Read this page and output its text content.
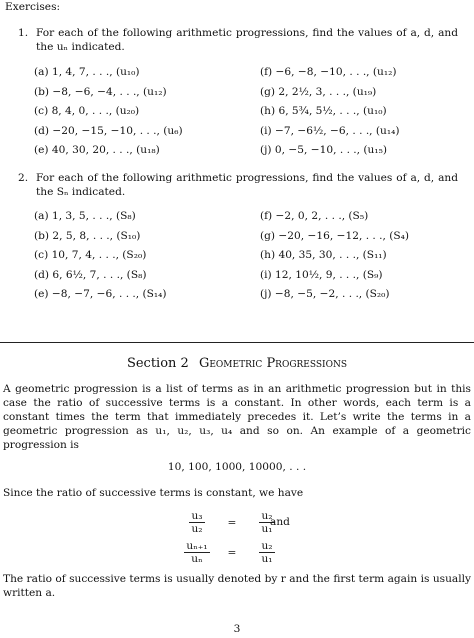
Exercises:
1. For each of the following arithmetic progressions, find the values of a, d, and the uₙ indicated.
(a) 1, 4, 7, . . ., (u₁₀)	(f) −6, −8, −10, . . ., (u₁₂)
(b) −8, −6, −4, . . ., (u₁₂)	(g) 2, 2½, 3, . . ., (u₁₉)
(c) 8, 4, 0, . . ., (u₂₀)	(h) 6, 5¾, 5½, . . ., (u₁₀)
(d) −20, −15, −10, . . ., (u₆)	(i) −7, −6½, −6, . . ., (u₁₄)
(e) 40, 30, 20, . . ., (u₁₈)	(j) 0, −5, −10, . . ., (u₁₅)
2. For each of the following arithmetic progressions, find the values of a, d, and the Sₙ indicated.
(a) 1, 3, 5, . . ., (S₈)	(f) −2, 0, 2, . . ., (S₅)
(b) 2, 5, 8, . . ., (S₁₀)	(g) −20, −16, −12, . . ., (S₄)
(c) 10, 7, 4, . . ., (S₂₀)	(h) 40, 35, 30, . . ., (S₁₁)
(d) 6, 6½, 7, . . ., (S₈)	(i) 12, 10½, 9, . . ., (S₉)
(e) −8, −7, −6, . . ., (S₁₄)	(j) −8, −5, −2, . . ., (S₂₀)
Section 2 Geometric Progressions
A geometric progression is a list of terms as in an arithmetic progression but in this case the ratio of successive terms is a constant. In other words, each term is a constant times the term that immediately precedes it. Let’s write the terms in a geometric progression as u₁, u₂, u₃, u₄ and so on. An example of a geometric progression is
10, 100, 1000, 10000, . . .
Since the ratio of successive terms is constant, we have
$\frac{\text{u₃}}{\text{u₂}} = \frac{\text{u₂}}{\text{u₁}}$
$\frac{\text{uₙ₊₁}}{\text{uₙ}} = \frac{\text{u₂}}{\text{u₁}}$
and
The ratio of successive terms is usually denoted by r and the first term again is usually written a.
3
